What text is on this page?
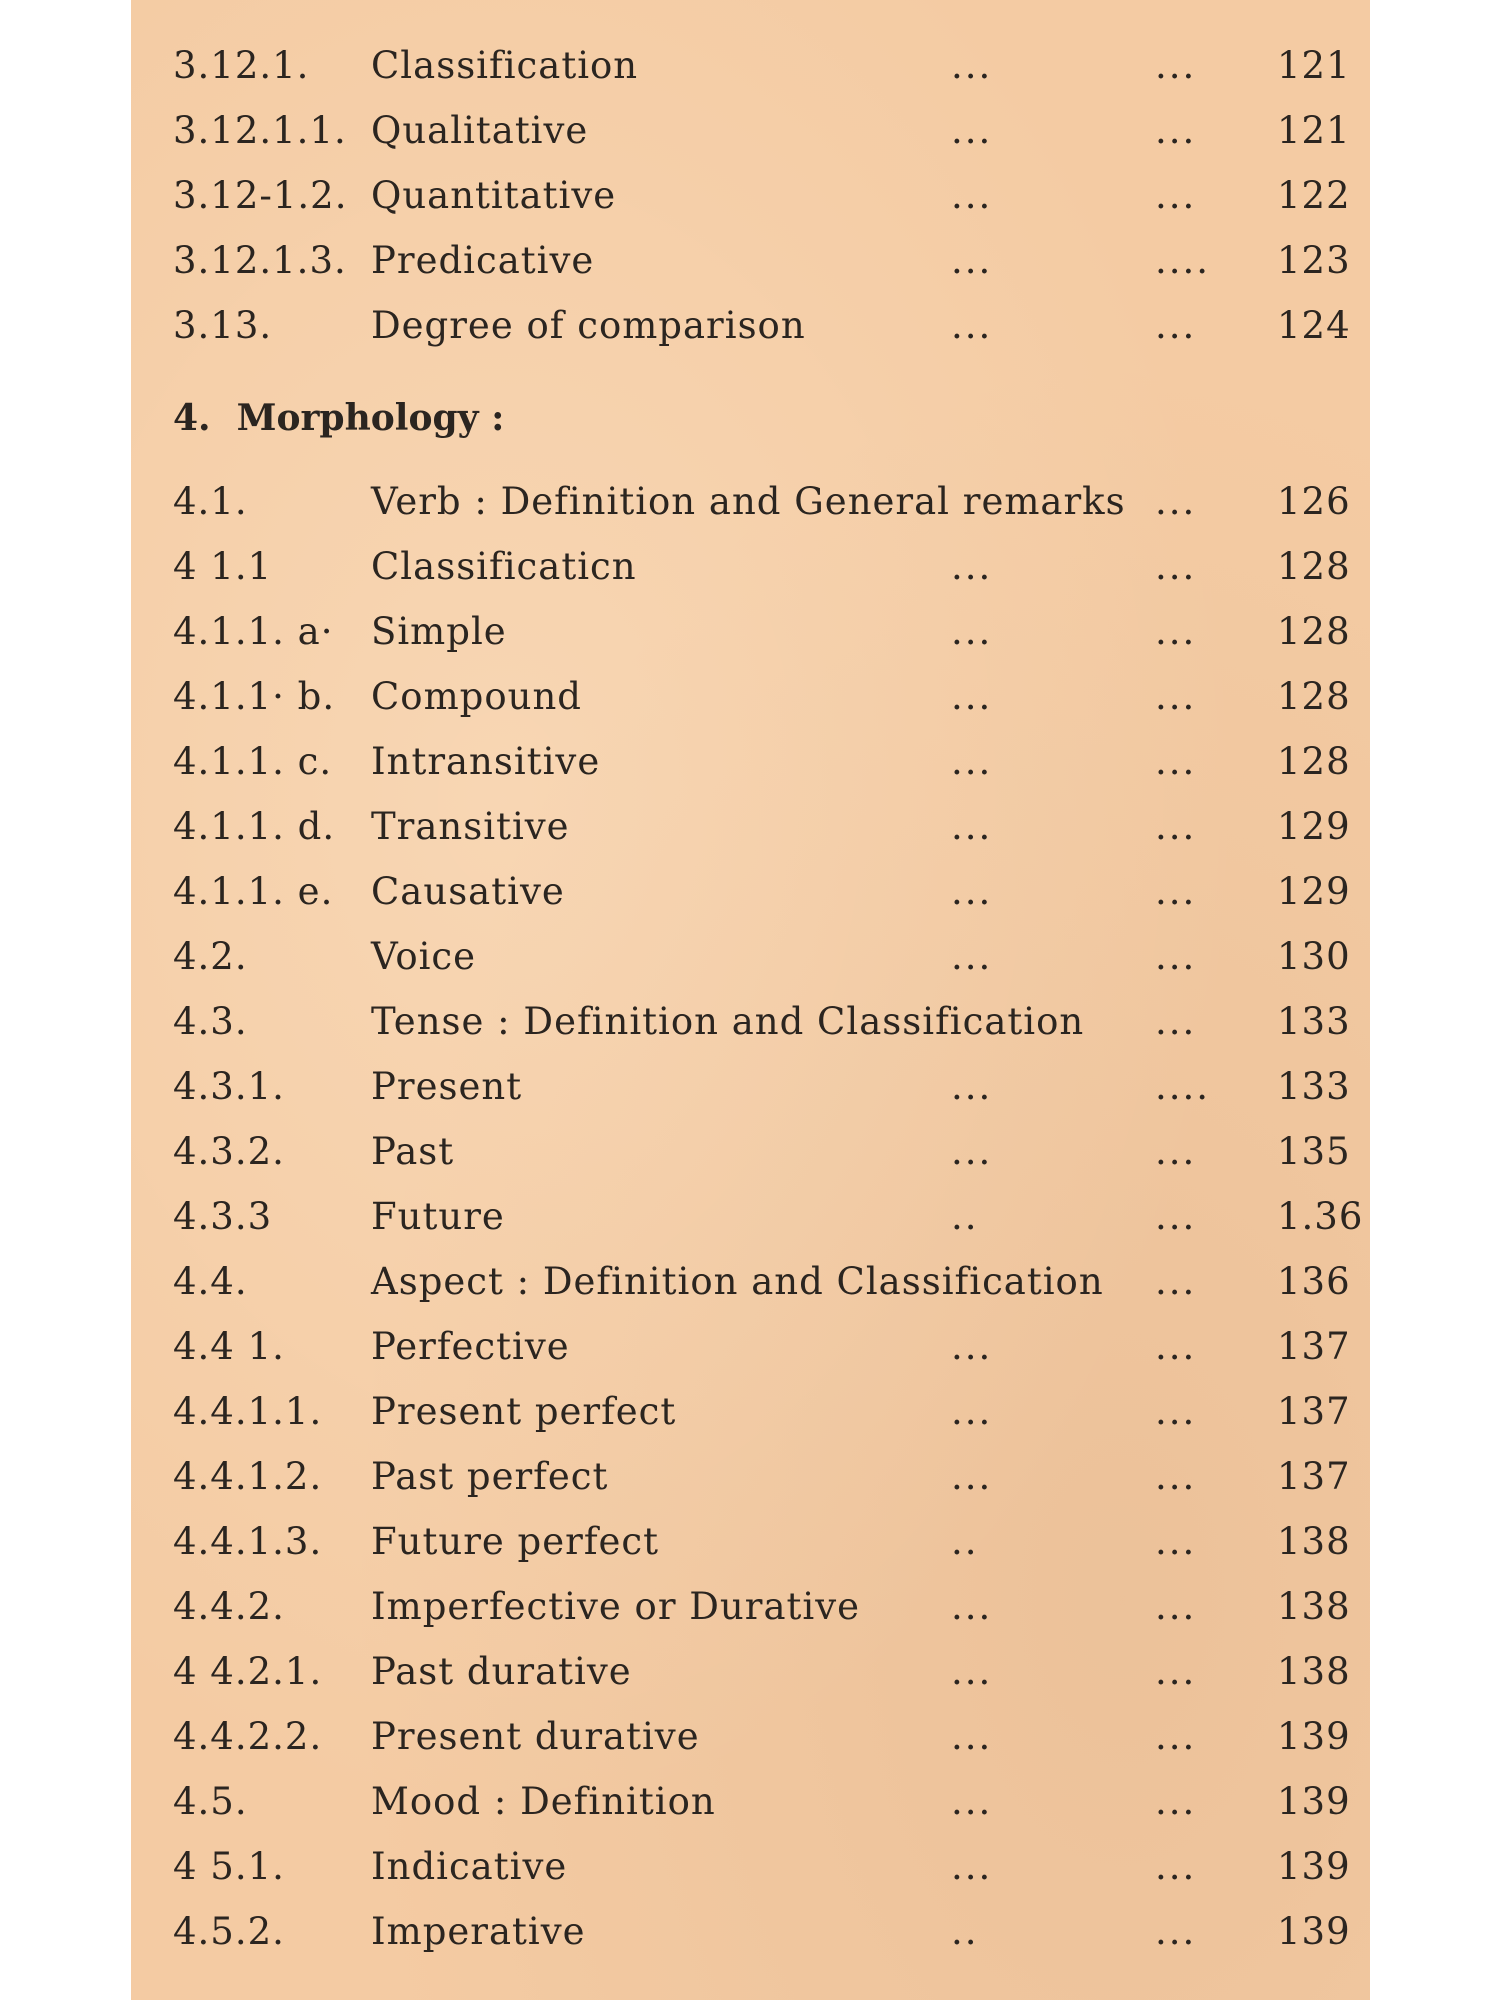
3.12.1. Classification	...	... 121
3.12.1.1. Qualitative	...	... 121
3.12-1.2. Quantitative	...	... 122
3.12.1.3. Predicative	...	.... 123
3.13.	Degree of comparison	...	... 124
4. Morphology :
4.1.	Verb : Definition and General remarks ... 126
4 1.1	Classificaticn	...	... 128
4.1.1. a· Simple	...	... 128
4.1.1· b. Compound	...	... 128
4.1.1. c. Intransitive	...	... 128
4.1.1. d. Transitive	...	... 129
4.1.1. e. Causative	...	... 129
4.2.	Voice	...	... 130
4.3.	Tense : Definition and Classification ... 133
4.3.1. Present	...	.... 133
4.3.2. Past	...	... 135
4.3.3	Future	..	... 1.36
4.4.	Aspect : Definition and Classification ... 136
4.4 1. Perfective	...	... 137
4.4.1.1. Present perfect	...	... 137
4.4.1.2. Past perfect	...	... 137
4.4.1.3. Future perfect	..	... 138
4.4.2. Imperfective or Durative ...	... 138
4 4.2.1. Past durative	...	... 138
4.4.2.2. Present durative	...	... 139
4.5.	Mood : Definition	...	... 139
4 5.1. Indicative	...	... 139
4.5.2. Imperative	..	... 139
